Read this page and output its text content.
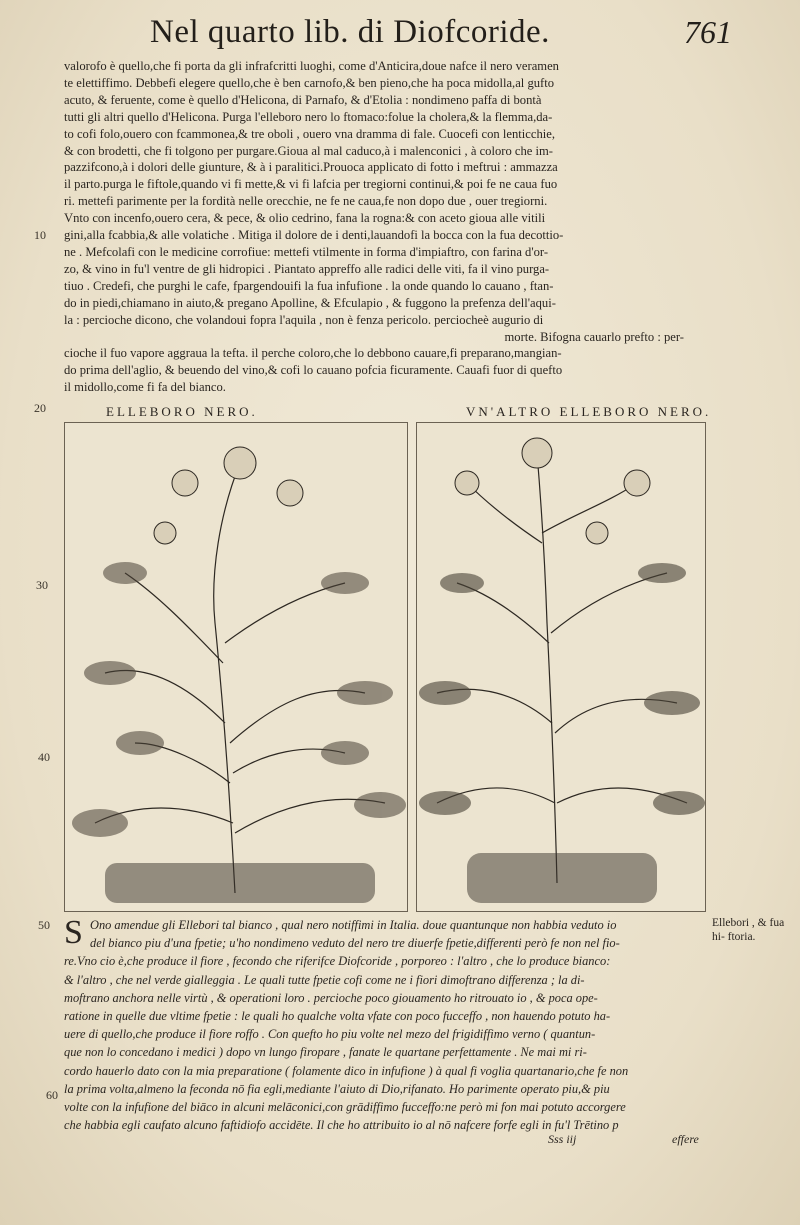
Nel quarto lib. di Diofcoride.	761
valorofo è quello,che fi porta da gli infrafcritti luoghi, come d'Anticira,doue nafce il nero veramen
te elettiffimo. Debbefi elegere quello,che è ben carnofo,& ben pieno,che ha poca midolla,al gufto
acuto, & feruente, come è quello d'Helicona, di Parnafo, & d'Etolia : nondimeno paffa di bontà
tutti gli altri quello d'Helicona. Purga l'elleboro nero lo ftomaco:folue la cholera,& la flemma,da-
to cofi folo,ouero con fcammonea,& tre oboli , ouero vna dramma di fale. Cuocefi con lenticchie,
& con brodetti, che fi tolgono per purgare.Gioua al mal caduco,à i malenconici , à coloro che im-
pazzifcono,à i dolori delle giunture, & à i paralitici.Prouoca applicato di fotto i meftrui : ammazza
il parto.purga le fiftole,quando vi fi mette,& vi fi lafcia per tregiorni continui,& poi fe ne caua fuo
ri. mettefi parimente per la fordità nelle orecchie, ne fe ne caua,fe non dopo due , ouer tregiorni.
Vnto con incenfo,ouero cera, & pece, & olio cedrino, fana la rogna:& con aceto gioua alle vitili
gini,alla fcabbia,& alle volatiche . Mitiga il dolore de i denti,lauandofi la bocca con la fua decottio-
ne . Mefcolafi con le medicine corrofiue: mettefi vtilmente in forma d'impiaftro, con farina d'or-
zo, & vino in fu'l ventre de gli hidropici . Piantato appreffo alle radici delle viti, fa il vino purga-
tiuo . Credefi, che purghi le cafe, fpargendouifi la fua infufione . la onde quando lo cauano , ftan-
do in piedi,chiamano in aiuto,& pregano Apolline, & Efculapio , & fuggono la prefenza dell'aqui-
la : percioche dicono, che volandoui fopra l'aquila , non è fenza pericolo. perciocheè augurio di
morte. Bifogna cauarlo prefto : per-
cioche il fuo vapore aggraua la tefta. il perche coloro,che lo debbono cauare,fi preparano,mangian-
do prima dell'aglio, & beuendo del vino,& cofi lo cauano pofcia ficuramente. Cauafi fuor di quefto
il midollo,come fi fa del bianco.
10
20
30
40
50
60
ELLEBORO NERO.	VN'ALTRO ELLEBORO NERO.
S Ono amendue gli Ellebori tal bianco , qual nero notiffimi in Italia. doue quantunque non habbia veduto io
del bianco piu d'una fpetie; u'ho nondimeno veduto del nero tre diuerfe fpetie,differenti però fe non nel fio-
re.Vno cio è,che produce il fiore , fecondo che riferifce Diofcoride , porporeo : l'altro , che lo produce bianco:
& l'altro , che nel verde gialleggia . Le quali tutte fpetie cofi come ne i fiori dimoftrano differenza ; la di-
moftrano anchora nelle virtù , & operationi loro . percioche poco giouamento ho ritrouato io , & poca ope-
ratione in quelle due vltime fpetie : le quali ho qualche volta vfate con poco fucceffo , non hauendo potuto ha-
uere di quello,che produce il fiore roffo . Con quefto ho piu volte nel mezo del frigidiffimo verno ( quantun-
que non lo concedano i medici ) dopo vn lungo firopare , fanate le quartane perfettamente . Ne mai mi ri-
cordo hauerlo dato con la mia preparatione ( folamente dico in infufione ) à qual fi voglia quartanario,che fe non
la prima volta,almeno la feconda nō fia egli,mediante l'aiuto di Dio,rifanato. Ho parimente operato piu,& piu
volte con la infufione del biāco in alcuni melāconici,con grādiffimo fucceffo:ne però mi fon mai potuto accorgere
che habbia egli caufato alcuno faftidiofo accidēte. Il che ho attribuito io al nō nafcere forfe egli in fu'l Trētino p
Ellebori , & fua hi- ftoria.
Sss iij	effere
